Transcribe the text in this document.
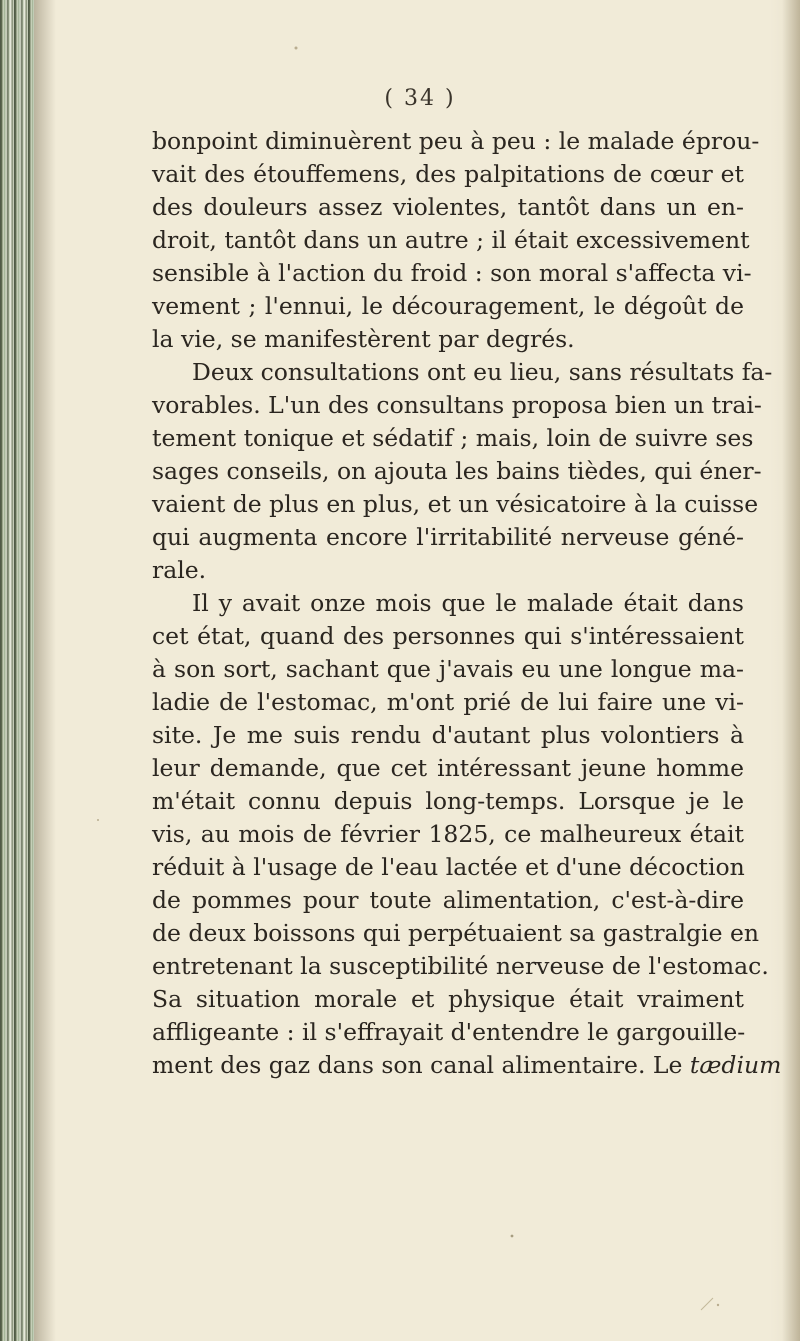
( 34 )
bonpoint diminuèrent peu à peu : le malade éprou-
vait des étouffemens, des palpitations de cœur et
des douleurs assez violentes, tantôt dans un en-
droit, tantôt dans un autre ; il était excessivement
sensible à l'action du froid : son moral s'affecta vi-
vement ; l'ennui, le découragement, le dégoût de
la vie, se manifestèrent par degrés.
Deux consultations ont eu lieu, sans résultats fa-
vorables. L'un des consultans proposa bien un trai-
tement tonique et sédatif ; mais, loin de suivre ses
sages conseils, on ajouta les bains tièdes, qui éner-
vaient de plus en plus, et un vésicatoire à la cuisse
qui augmenta encore l'irritabilité nerveuse géné-
rale.
Il y avait onze mois que le malade était dans
cet état, quand des personnes qui s'intéressaient
à son sort, sachant que j'avais eu une longue ma-
ladie de l'estomac, m'ont prié de lui faire une vi-
site. Je me suis rendu d'autant plus volontiers à
leur demande, que cet intéressant jeune homme
m'était connu depuis long-temps. Lorsque je le
vis, au mois de février 1825, ce malheureux était
réduit à l'usage de l'eau lactée et d'une décoction
de pommes pour toute alimentation, c'est-à-dire
de deux boissons qui perpétuaient sa gastralgie en
entretenant la susceptibilité nerveuse de l'estomac.
Sa situation morale et physique était vraiment
affligeante : il s'effrayait d'entendre le gargouille-
ment des gaz dans son canal alimentaire. Le tædium
